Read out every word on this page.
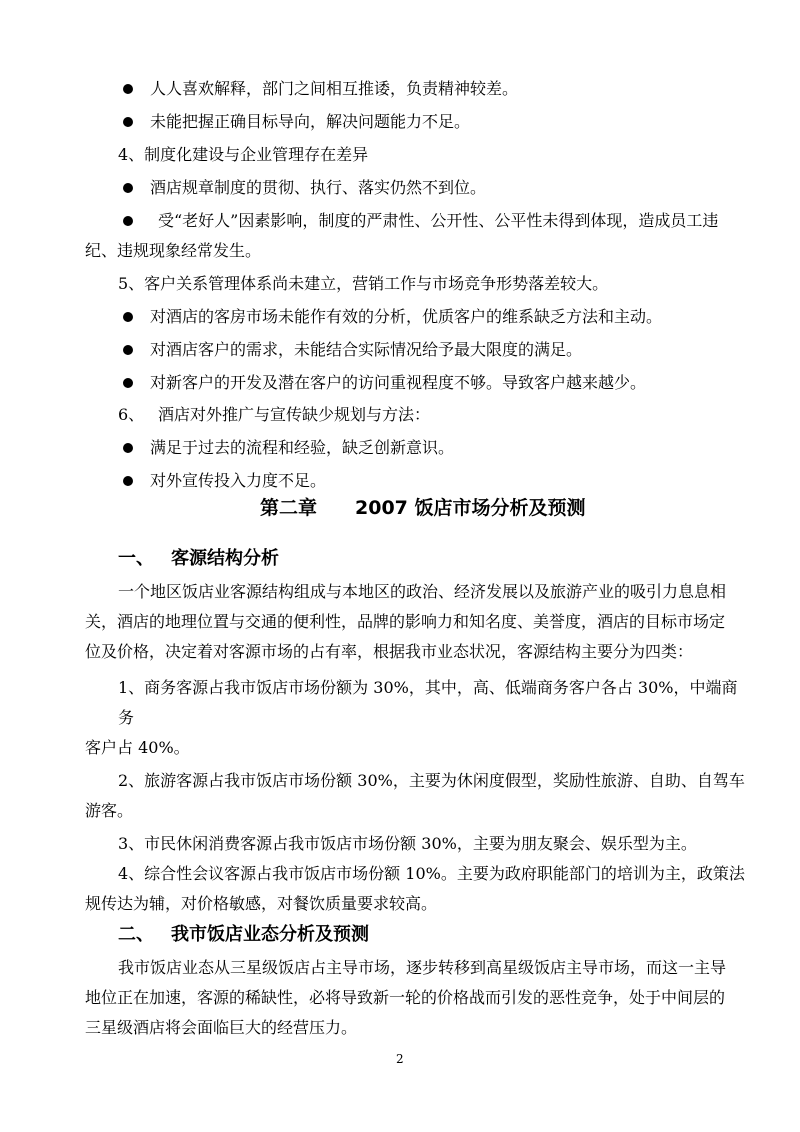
人人喜欢解释，部门之间相互推诿，负责精神较差。
未能把握正确目标导向，解决问题能力不足。
4、制度化建设与企业管理存在差异
酒店规章制度的贯彻、执行、落实仍然不到位。
受“老好人”因素影响，制度的严肃性、公开性、公平性未得到体现，造成员工违
纪、违规现象经常发生。
5、客户关系管理体系尚未建立，营销工作与市场竞争形势落差较大。
对酒店的客房市场未能作有效的分析，优质客户的维系缺乏方法和主动。
对酒店客户的需求，未能结合实际情况给予最大限度的满足。
对新客户的开发及潜在客户的访问重视程度不够。导致客户越来越少。
6、 酒店对外推广与宣传缺少规划与方法：
满足于过去的流程和经验，缺乏创新意识。
对外宣传投入力度不足。
第二章 2007 饭店市场分析及预测
一、 客源结构分析
一个地区饭店业客源结构组成与本地区的政治、经济发展以及旅游产业的吸引力息息相
关，酒店的地理位置与交通的便利性，品牌的影响力和知名度、美誉度，酒店的目标市场定
位及价格，决定着对客源市场的占有率，根据我市业态状况，客源结构主要分为四类：
1、商务客源占我市饭店市场份额为 30%，其中，高、低端商务客户各占 30%，中端商
务
客户占 40%。
2、旅游客源占我市饭店市场份额 30%，主要为休闲度假型，奖励性旅游、自助、自驾车
游客。
3、市民休闲消费客源占我市饭店市场份额 30%，主要为朋友聚会、娱乐型为主。
4、综合性会议客源占我市饭店市场份额 10%。主要为政府职能部门的培训为主，政策法
规传达为辅，对价格敏感，对餐饮质量要求较高。
二、 我市饭店业态分析及预测
我市饭店业态从三星级饭店占主导市场，逐步转移到高星级饭店主导市场，而这一主导
地位正在加速，客源的稀缺性，必将导致新一轮的价格战而引发的恶性竞争，处于中间层的
三星级酒店将会面临巨大的经营压力。
2
